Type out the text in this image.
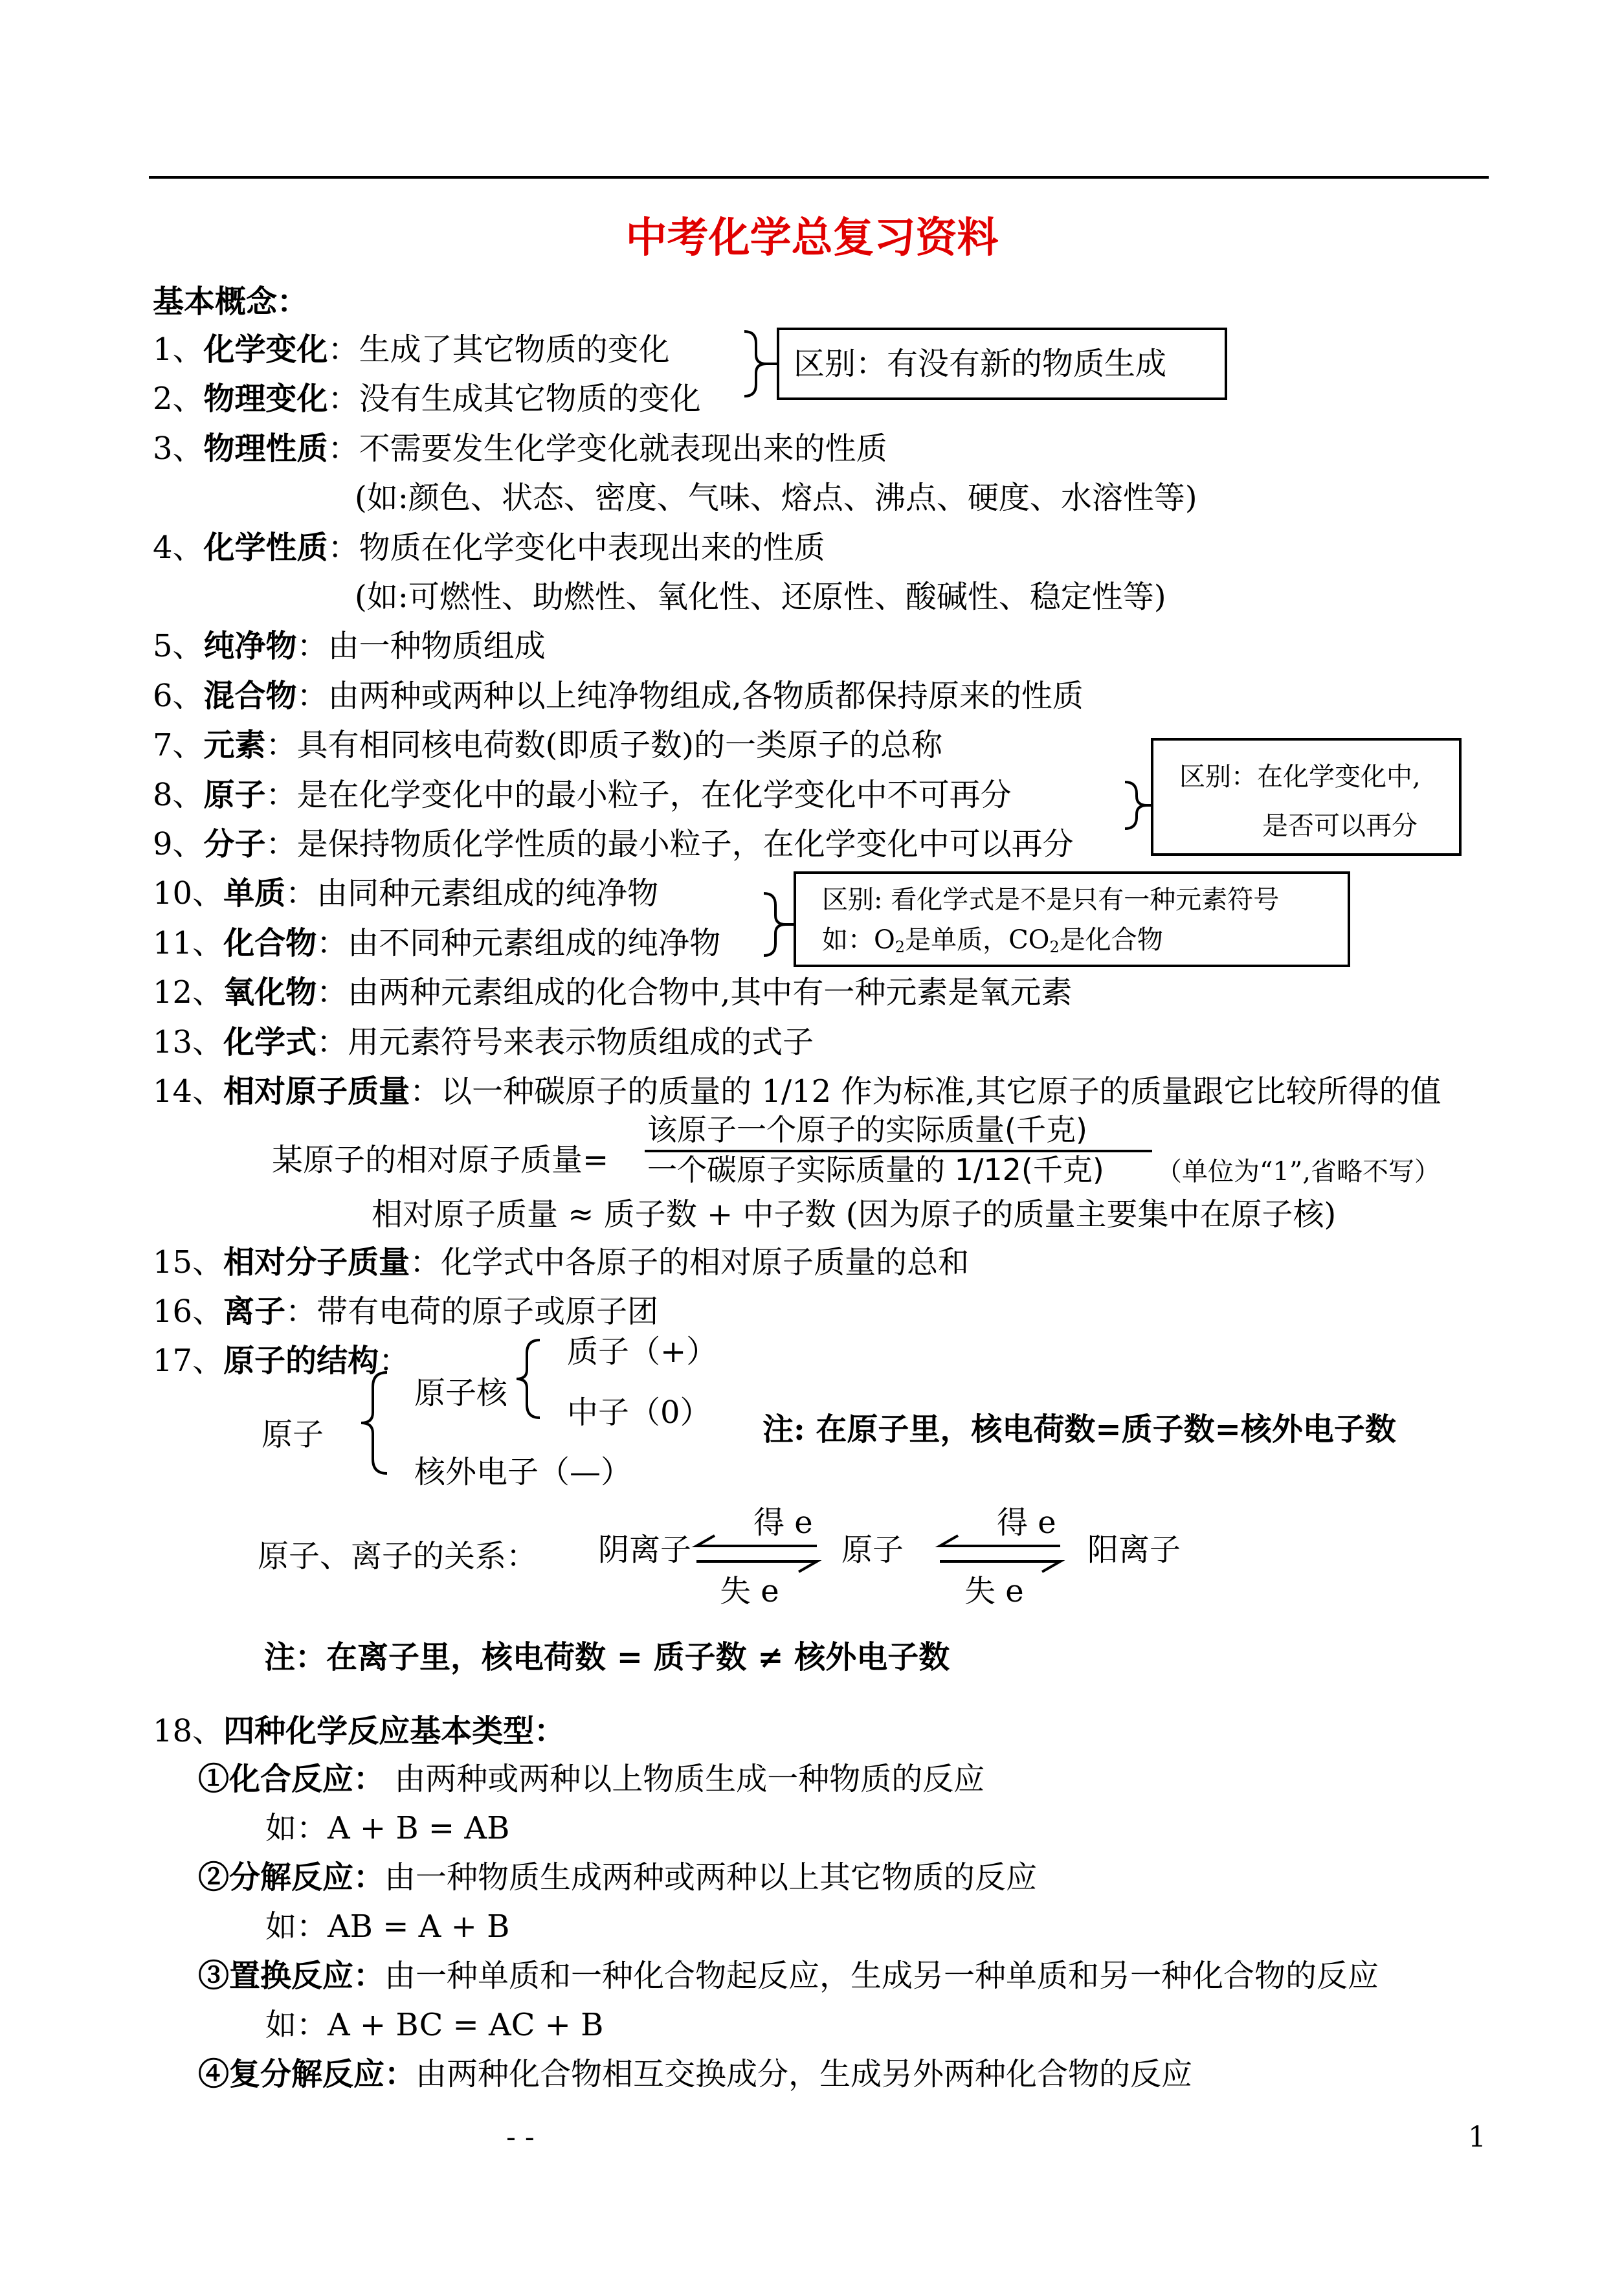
中考化学总复习资料
基本概念：
1、化学变化：生成了其它物质的变化
2、物理变化：没有生成其它物质的变化
3、物理性质：不需要发生化学变化就表现出来的性质
(如:颜色、状态、密度、气味、熔点、沸点、硬度、水溶性等)
4、化学性质：物质在化学变化中表现出来的性质
(如:可燃性、助燃性、氧化性、还原性、酸碱性、稳定性等)
5、纯净物：由一种物质组成
6、混合物：由两种或两种以上纯净物组成,各物质都保持原来的性质
7、元素：具有相同核电荷数(即质子数)的一类原子的总称
8、原子：是在化学变化中的最小粒子，在化学变化中不可再分
9、分子：是保持物质化学性质的最小粒子，在化学变化中可以再分
10、单质：由同种元素组成的纯净物
11、化合物：由不同种元素组成的纯净物
12、氧化物：由两种元素组成的化合物中,其中有一种元素是氧元素
13、化学式：用元素符号来表示物质组成的式子
14、相对原子质量：以一种碳原子的质量的 1/12 作为标准,其它原子的质量跟它比较所得的值
区别：有没有新的物质生成
区别：在化学变化中,
是否可以再分
区别: 看化学式是不是只有一种元素符号
如：$O_2$是单质，$CO_2$是化合物
某原子的相对原子质量=
该原子一个原子的实际质量(千克)
一个碳原子实际质量的 1/12(千克) （单位为“1”,省略不写）
相对原子质量 ≈ 质子数 + 中子数 (因为原子的质量主要集中在原子核)
15、相对分子质量：化学式中各原子的相对原子质量的总和
16、离子：带有电荷的原子或原子团
17、原子的结构：
原子
原子核
质子（+）
中子（0）
核外电子（—）
注: 在原子里，核电荷数=质子数=核外电子数
原子、离子的关系： 阴离子
得 e
失 e
原子
得 e
失 e
阳离子
注：在离子里，核电荷数 = 质子数 ≠ 核外电子数
18、四种化学反应基本类型：
①化合反应： 由两种或两种以上物质生成一种物质的反应
如：A + B = AB
②分解反应：由一种物质生成两种或两种以上其它物质的反应
如：AB = A + B
③置换反应：由一种单质和一种化合物起反应，生成另一种单质和另一种化合物的反应
如：A + BC = AC + B
④复分解反应：由两种化合物相互交换成分，生成另外两种化合物的反应
- -	1
